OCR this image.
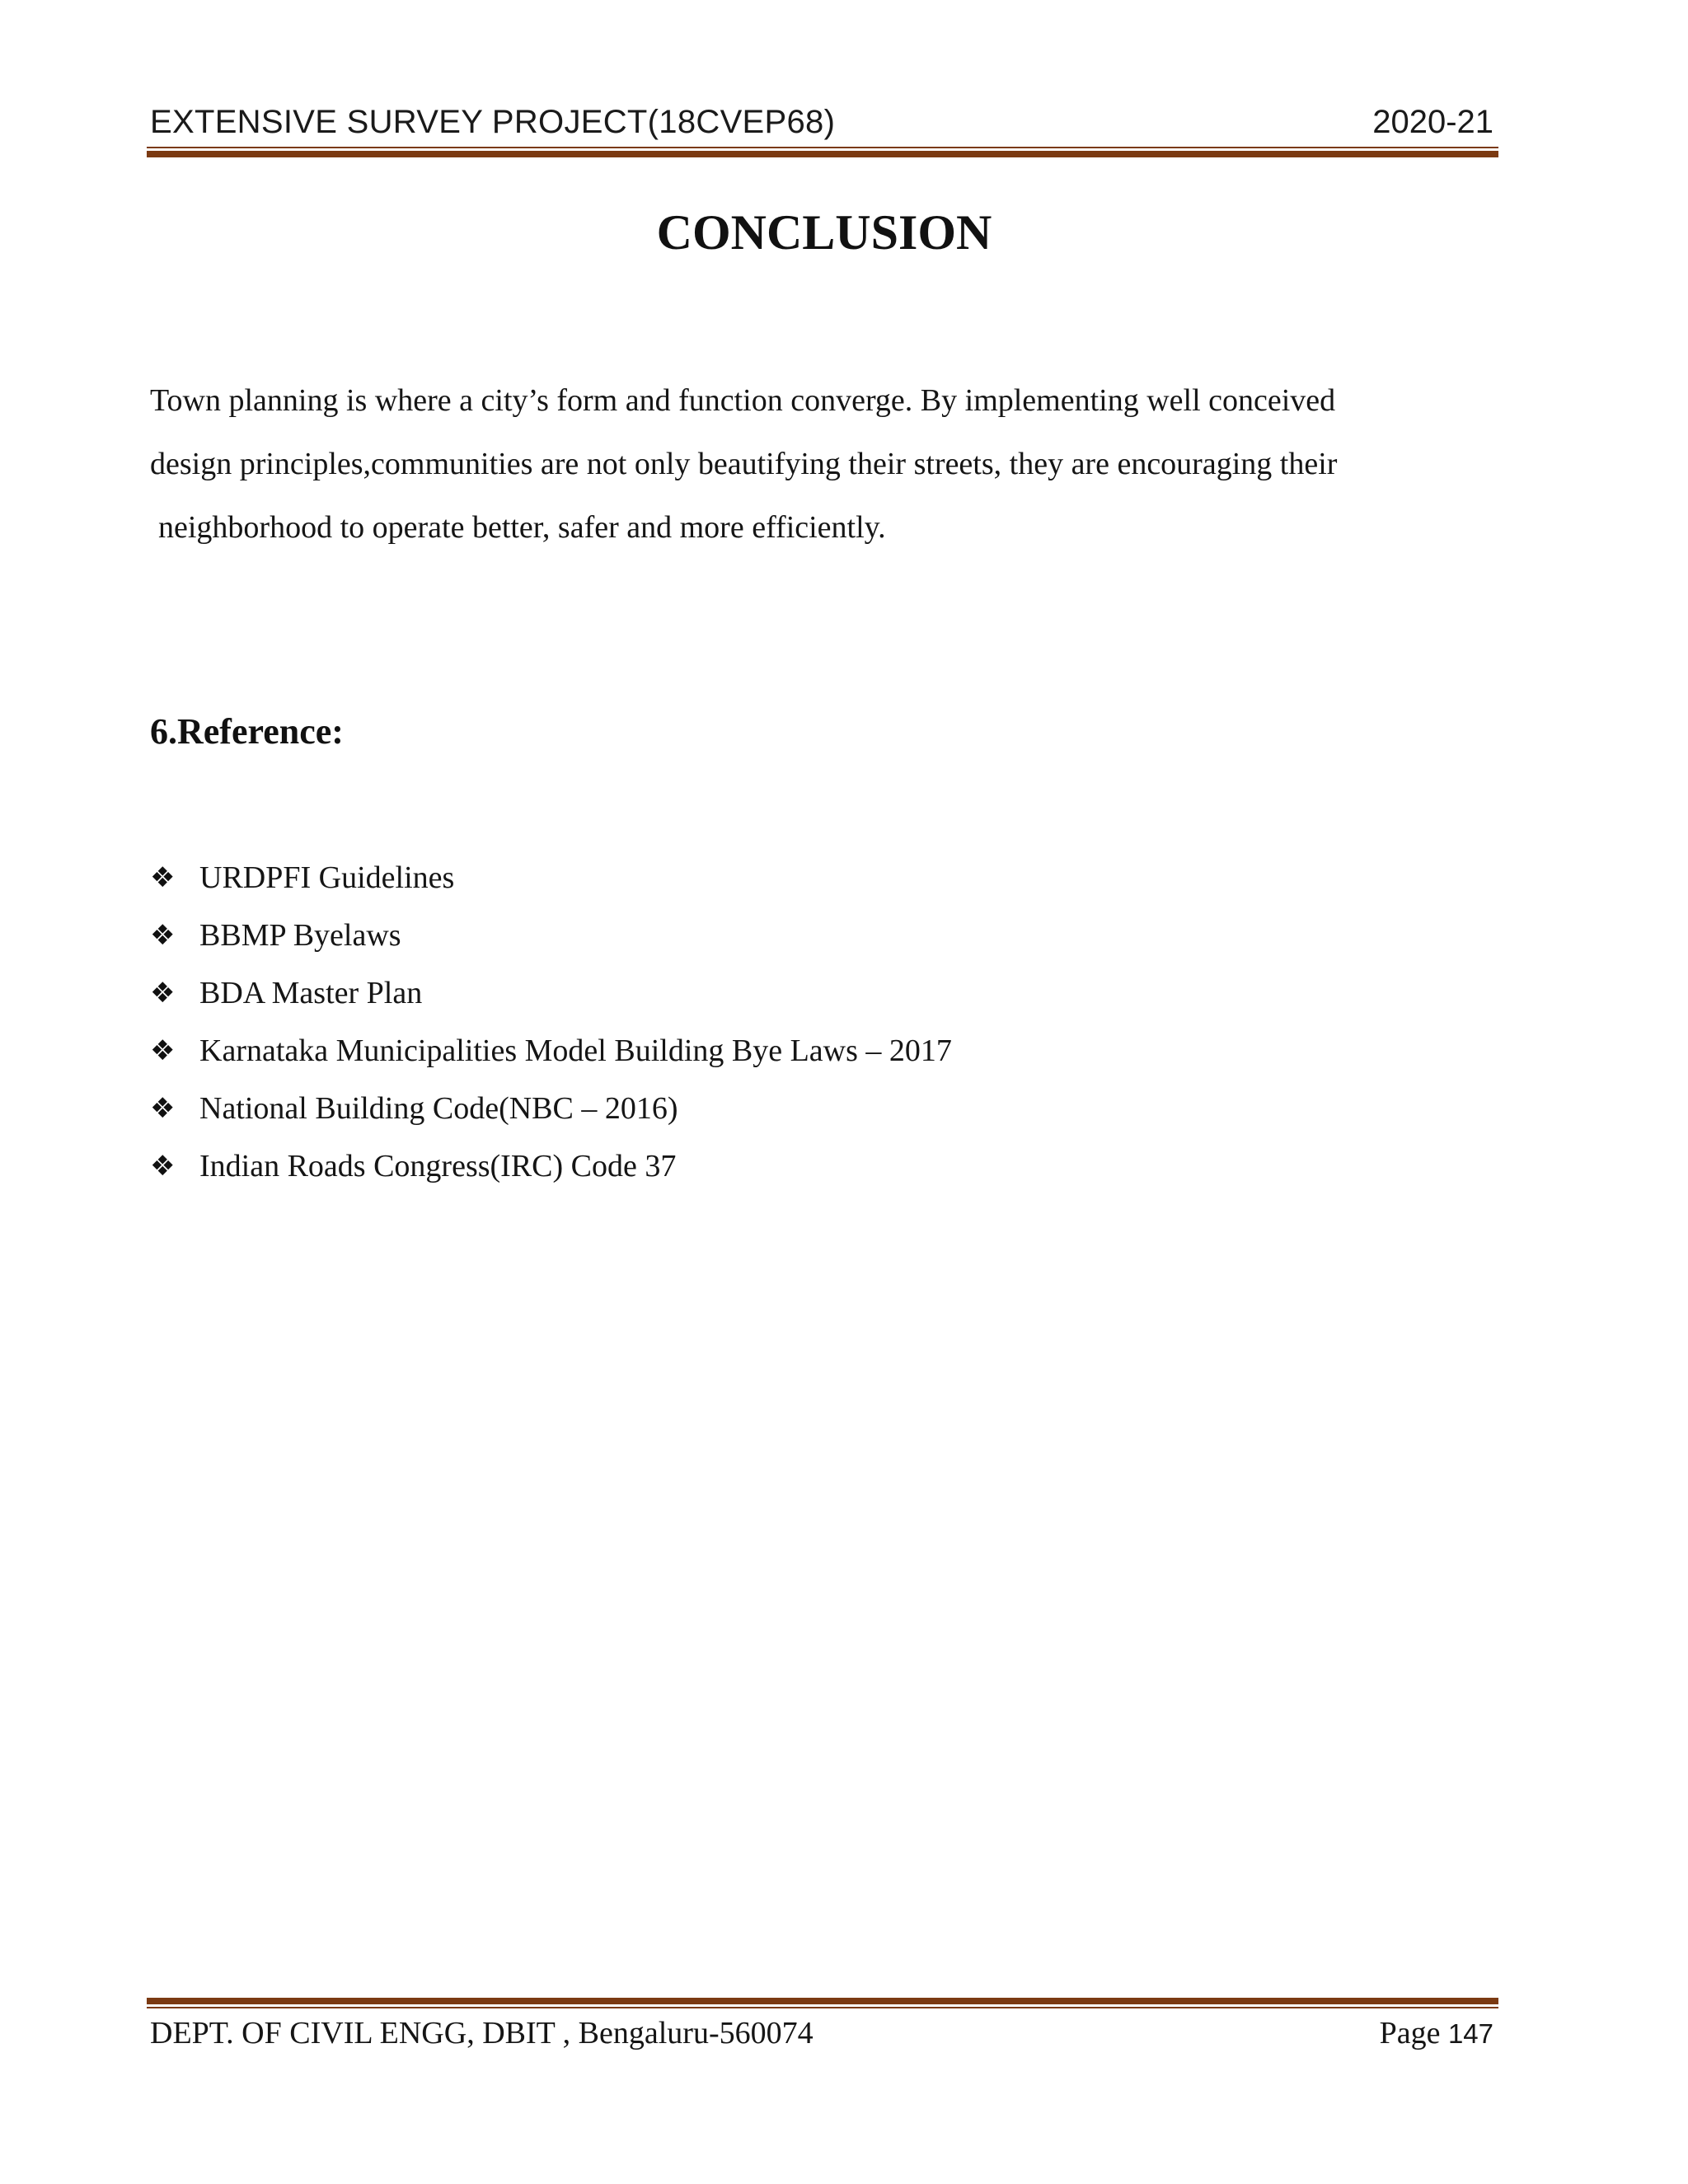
EXTENSIVE SURVEY PROJECT(18CVEP68)	2020-21
CONCLUSION
Town planning is where a city’s form and function converge. By implementing well conceived
design principles,communities are not only beautifying their streets, they are encouraging their
neighborhood to operate better, safer and more efficiently.
6.Reference:
❖ URDPFI Guidelines
❖ BBMP Byelaws
❖ BDA Master Plan
❖ Karnataka Municipalities Model Building Bye Laws – 2017
❖ National Building Code(NBC – 2016)
❖ Indian Roads Congress(IRC) Code 37
DEPT. OF CIVIL ENGG, DBIT , Bengaluru-560074	Page 147
